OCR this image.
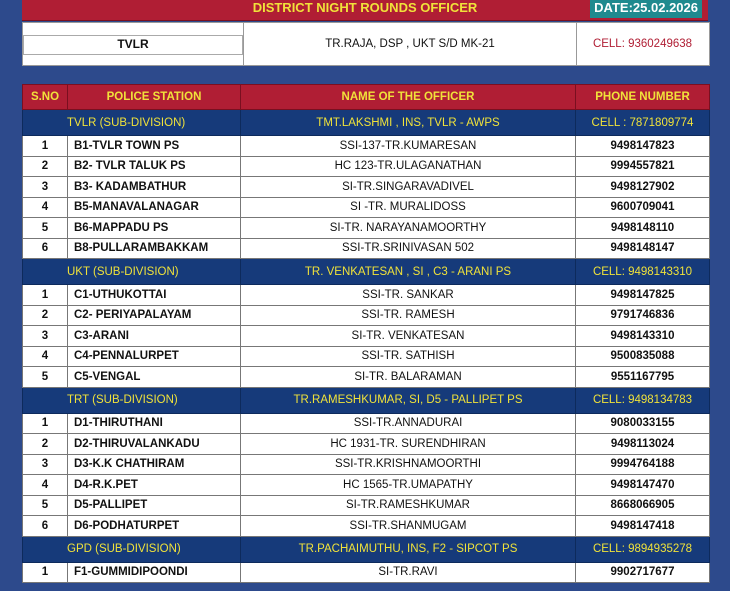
DISTRICT NIGHT ROUNDS OFFICER	DATE:25.02.2026
TVLR	TR.RAJA, DSP , UKT S/D MK-21	CELL: 9360249638
S.NO	POLICE STATION	NAME OF THE OFFICER	PHONE NUMBER
TVLR (SUB-DIVISION)		TMT.LAKSHMI , INS, TVLR - AWPS	CELL : 7871809774
1	B1-TVLR TOWN PS	SSI-137-TR.KUMARESAN	9498147823
2	B2- TVLR TALUK PS	HC 123-TR.ULAGANATHAN	9994557821
3	B3- KADAMBATHUR	SI-TR.SINGARAVADIVEL	9498127902
4	B5-MANAVALANAGAR	SI -TR. MURALIDOSS	9600709041
5	B6-MAPPADU PS	SI-TR. NARAYANAMOORTHY	9498148110
6	B8-PULLARAMBAKKAM	SSI-TR.SRINIVASAN 502	9498148147
UKT (SUB-DIVISION)		TR. VENKATESAN , SI , C3 - ARANI PS	CELL: 9498143310
1	C1-UTHUKOTTAI	SSI-TR. SANKAR	9498147825
2	C2- PERIYAPALAYAM	SSI-TR. RAMESH	9791746836
3	C3-ARANI	SI-TR. VENKATESAN	9498143310
4	C4-PENNALURPET	SSI-TR. SATHISH	9500835088
5	C5-VENGAL	SI-TR. BALARAMAN	9551167795
TRT (SUB-DIVISION)		TR.RAMESHKUMAR, SI, D5 - PALLIPET PS	CELL: 9498134783
1	D1-THIRUTHANI	SSI-TR.ANNADURAI	9080033155
2	D2-THIRUVALANKADU	HC 1931-TR. SURENDHIRAN	9498113024
3	D3-K.K CHATHIRAM	SSI-TR.KRISHNAMOORTHI	9994764188
4	D4-R.K.PET	HC 1565-TR.UMAPATHY	9498147470
5	D5-PALLIPET	SI-TR.RAMESHKUMAR	8668066905
6	D6-PODHATURPET	SSI-TR.SHANMUGAM	9498147418
GPD (SUB-DIVISION)		TR.PACHAIMUTHU, INS, F2 - SIPCOT PS	CELL: 9894935278
1	F1-GUMMIDIPOONDI	SI-TR.RAVI	9902717677
